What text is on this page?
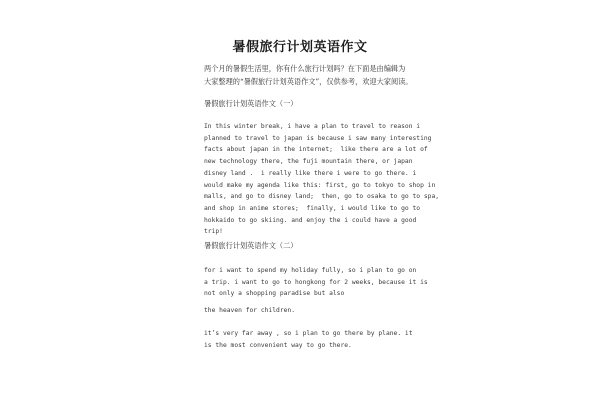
暑假旅行计划英语作文
两个月的暑假生活里，你有什么旅行计划吗？在下面是由编辑为
大家整理的“暑假旅行计划英语作文”，仅供参考，欢迎大家阅读。
暑假旅行计划英语作文（一）
In this winter break, i have a plan to travel to reason i
planned to travel to japan is because i saw many interesting
facts about japan in the internet;  like there are a lot of
new technology there, the fuji mountain there, or japan
disney land .  i really like there i were to go there. i
would make my agenda like this: first, go to tokyo to shop in
malls, and go to disney land;  then, go to osaka to go to spa,
and shop in anime stores;  finally, i would like to go to
hokkaido to go skiing. and enjoy the i could have a good
trip!
暑假旅行计划英语作文（二）
for i want to spend my holiday fully, so i plan to go on
a trip. i want to go to hongkong for 2 weeks, because it is
not only a shopping paradise but also
the heaven for children.
it’s very far away , so i plan to go there by plane. it
is the most convenient way to go there.
